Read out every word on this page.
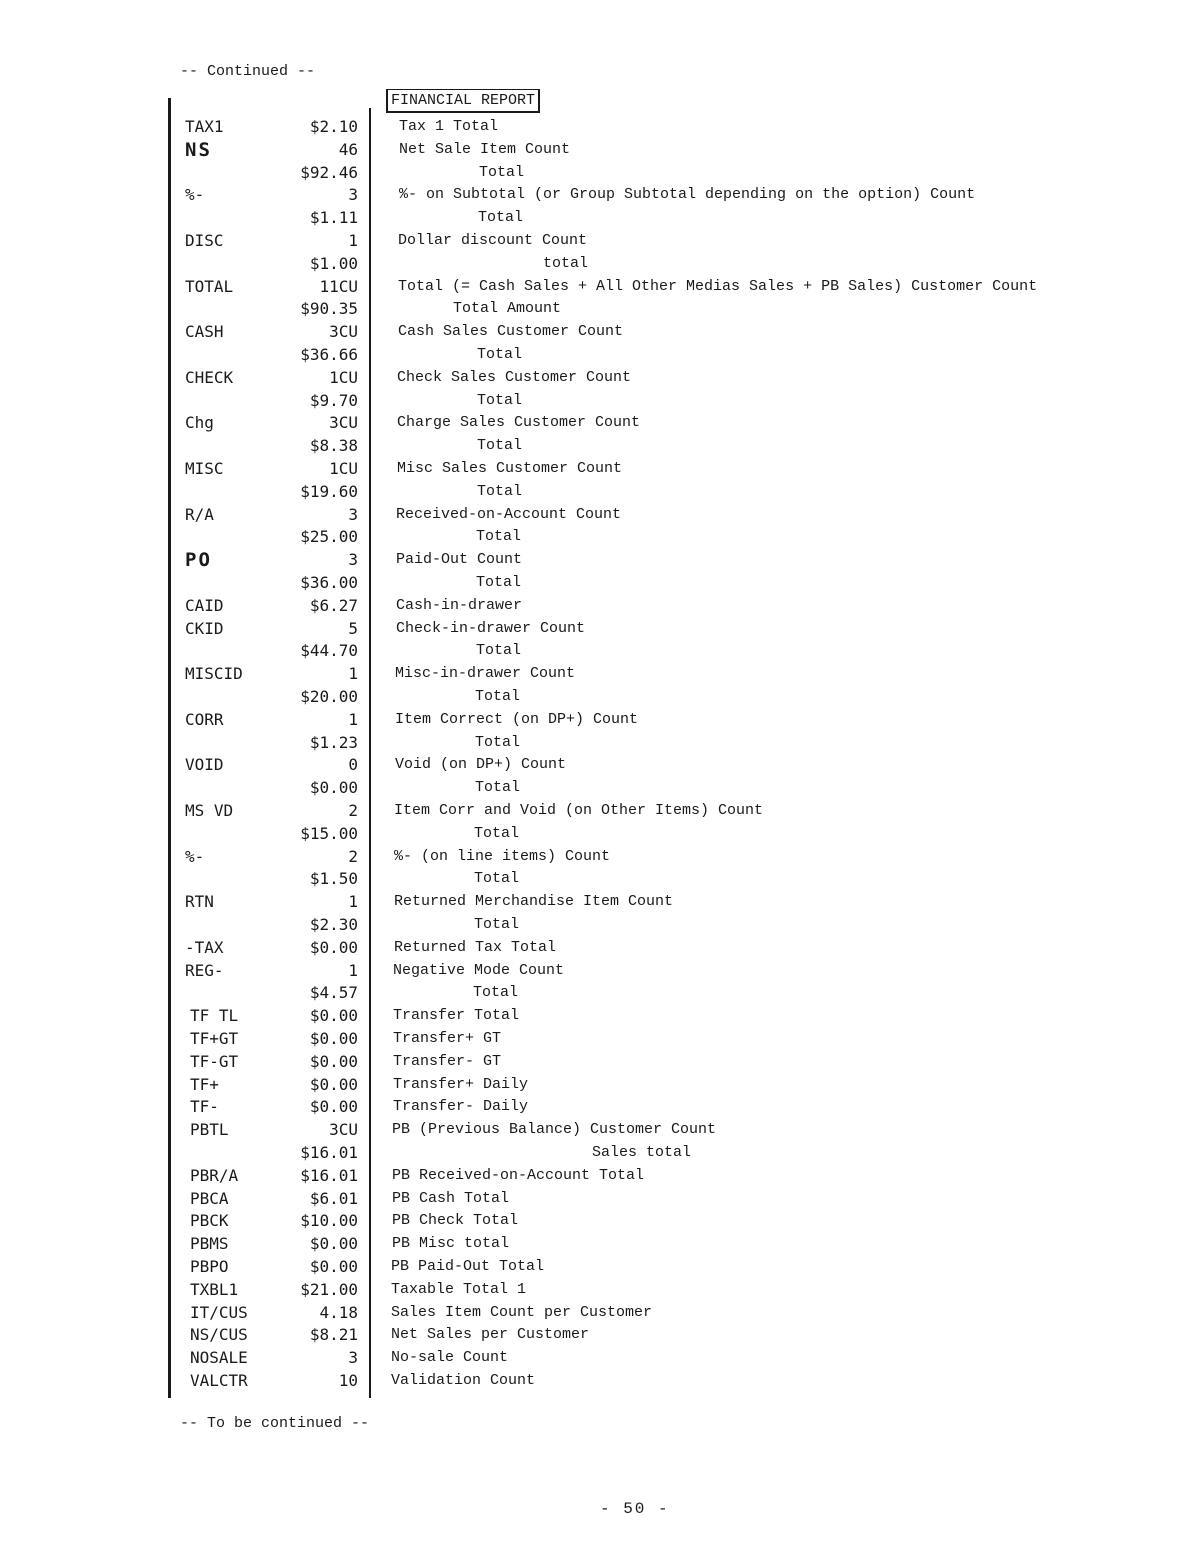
-- Continued --
FINANCIAL REPORT
TAX1	$2.10	Tax 1 Total
NS	46	Net Sale Item Count
$92.46	Total
%-	3	%- on Subtotal (or Group Subtotal depending on the option) Count
$1.11	Total
DISC	1	Dollar discount Count
$1.00	total
TOTAL	11CU	Total (= Cash Sales + All Other Medias Sales + PB Sales) Customer Count
$90.35	Total Amount
CASH	3CU	Cash Sales Customer Count
$36.66	Total
CHECK	1CU	Check Sales Customer Count
$9.70	Total
Chg	3CU	Charge Sales Customer Count
$8.38	Total
MISC	1CU	Misc Sales Customer Count
$19.60	Total
R/A	3	Received-on-Account Count
$25.00	Total
PO	3	Paid-Out Count
$36.00	Total
CAID	$6.27	Cash-in-drawer
CKID	5	Check-in-drawer Count
$44.70	Total
MISCID	1 Misc-in-drawer Count
$20.00	Total
CORR	1 Item Correct (on DP+) Count
$1.23	Total
VOID	0 Void (on DP+) Count
$0.00	Total
MS VD	2 Item Corr and Void (on Other Items) Count
$15.00	Total
%-	2 %- (on line items) Count
$1.50	Total
RTN	1 Returned Merchandise Item Count
$2.30	Total
-TAX	$0.00 Returned Tax Total
REG-	1 Negative Mode Count
$4.57	Total
TF TL	$0.00 Transfer Total
TF+GT	$0.00 Transfer+ GT
TF-GT	$0.00 Transfer- GT
TF+	$0.00 Transfer+ Daily
TF-	$0.00 Transfer- Daily
PBTL	3CU PB (Previous Balance) Customer Count
$16.01	Sales total
PBR/A	$16.01 PB Received-on-Account Total
PBCA	$6.01 PB Cash Total
PBCK	$10.00 PB Check Total
PBMS	$0.00 PB Misc total
PBPO	$0.00 PB Paid-Out Total
TXBL1	$21.00 Taxable Total 1
IT/CUS	4.18 Sales Item Count per Customer
NS/CUS	$8.21 Net Sales per Customer
NOSALE	3 No-sale Count
VALCTR	10 Validation Count
-- To be continued --
- 50 -
